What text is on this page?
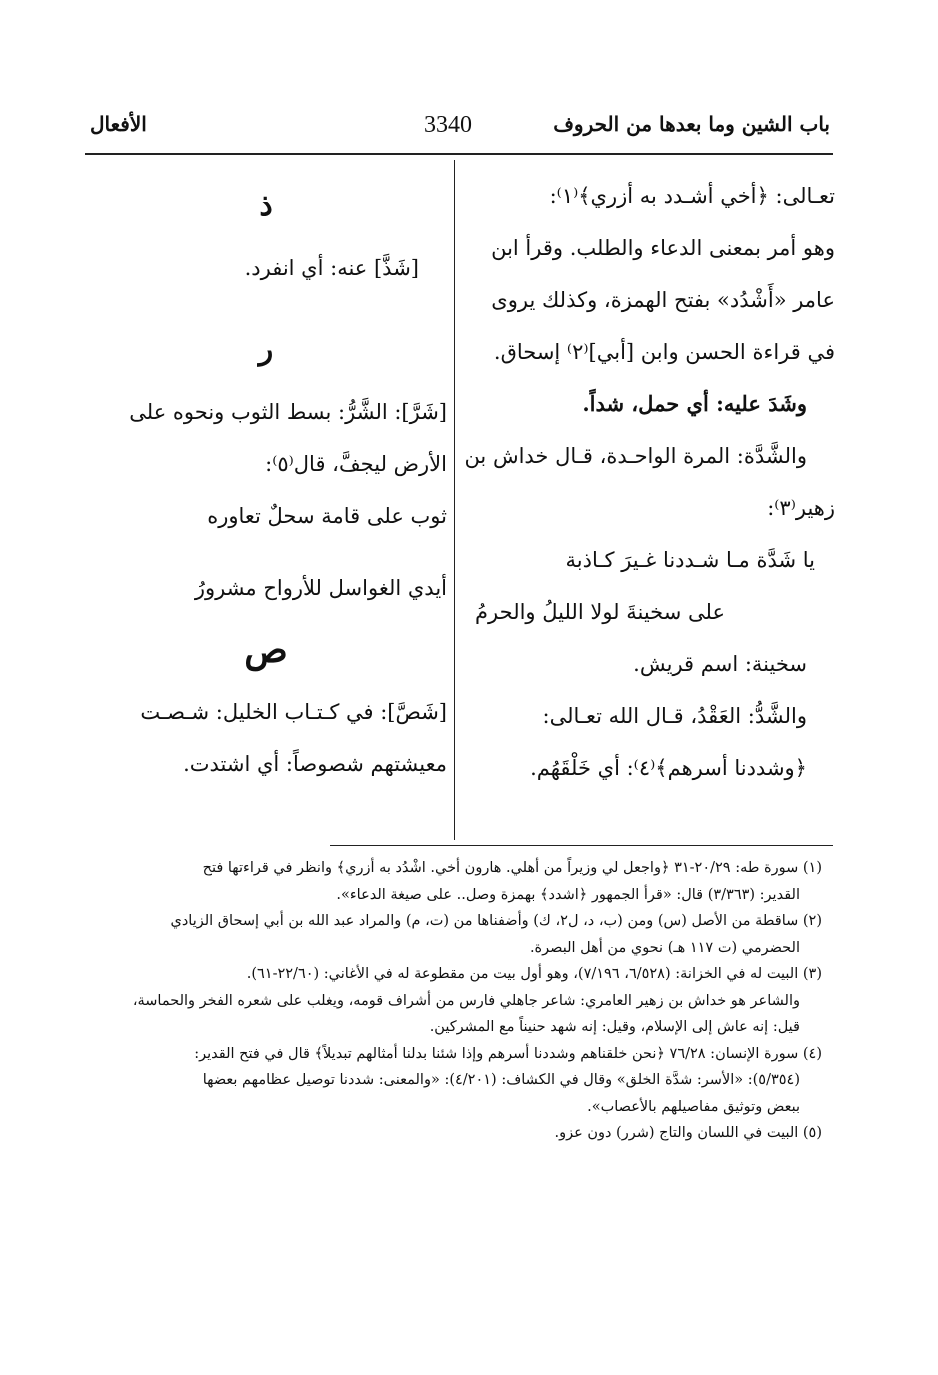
باب الشين وما بعدها من الحروف
3340
الأفعال
تعـالى: ﴿أخي أشـدد به أزري﴾⁽١⁾:
وهو أمر بمعنى الدعاء والطلب. وقرأ ابن
عامر «أَشْدُد» بفتح الهمزة، وكذلك يروى
في قراءة الحسن وابن [أبي]⁽٢⁾ إسحاق.
وشَدَ عليه: أي حمل، شداً.
والشَّدَّة: المرة الواحـدة، قـال خداش بن
زهير⁽٣⁾:
يا شَدَّة مـا شـددنا غـيرَ كـاذبة
على سخينةَ لولا الليلُ والحرمُ
سخينة: اسم قريش.
والشَّدُّ: العَقْدُ، قـال الله تعـالى:
﴿وشددنا أسرهم﴾⁽٤⁾: أي خَلْقَهُم.
ذ
[شَذَّ] عنه: أي انفرد.
ر
[شَرَّ]: الشَّرُّ: بسط الثوب ونحوه على
الأرض ليجفَّ، قال⁽٥⁾:
ثوب على قامة سحلٌ تعاوره
أيدي الغواسل للأرواح مشرورُ
ص
[شَصَّ]: في كـتـاب الخليل: شـصـت
معيشتهم شصوصاً: أي اشتدت.
(١) سورة طه: ٢٠/٢٩-٣١ ﴿واجعل لي وزيراً من أهلي. هارون أخي. اشْدُد به أزري﴾ وانظر في قراءتها فتح
القدير: (٣/٣٦٣) قال: «قرأ الجمهور ﴿اشدد﴾ بهمزة وصل.. على صيغة الدعاء».
(٢) ساقطة من الأصل (س) ومن (ب، د، ل٢، ك) وأضفناها من (ت، م) والمراد عبد الله بن أبي إسحاق الزيادي
الحضرمي (ت ١١٧ هـ) نحوي من أهل البصرة.
(٣) البيت له في الخزانة: (٦/٥٢٨، ٧/١٩٦)، وهو أول بيت من مقطوعة له في الأغاني: (٢٢/٦٠-٦١).
والشاعر هو خداش بن زهير العامري: شاعر جاهلي فارس من أشراف قومه، ويغلب على شعره الفخر والحماسة،
قيل: إنه عاش إلى الإسلام، وقيل: إنه شهد حنيناً مع المشركين.
(٤) سورة الإنسان: ٧٦/٢٨ ﴿نحن خلقناهم وشددنا أسرهم وإذا شئنا بدلنا أمثالهم تبديلاً﴾ قال في فتح القدير:
(٥/٣٥٤): «الأسر: شدَّة الخلق» وقال في الكشاف: (٤/٢٠١): «والمعنى: شددنا توصيل عظامهم بعضها
ببعض وتوثيق مفاصيلهم بالأعصاب».
(٥) البيت في اللسان والتاج (شرر) دون عزو.
